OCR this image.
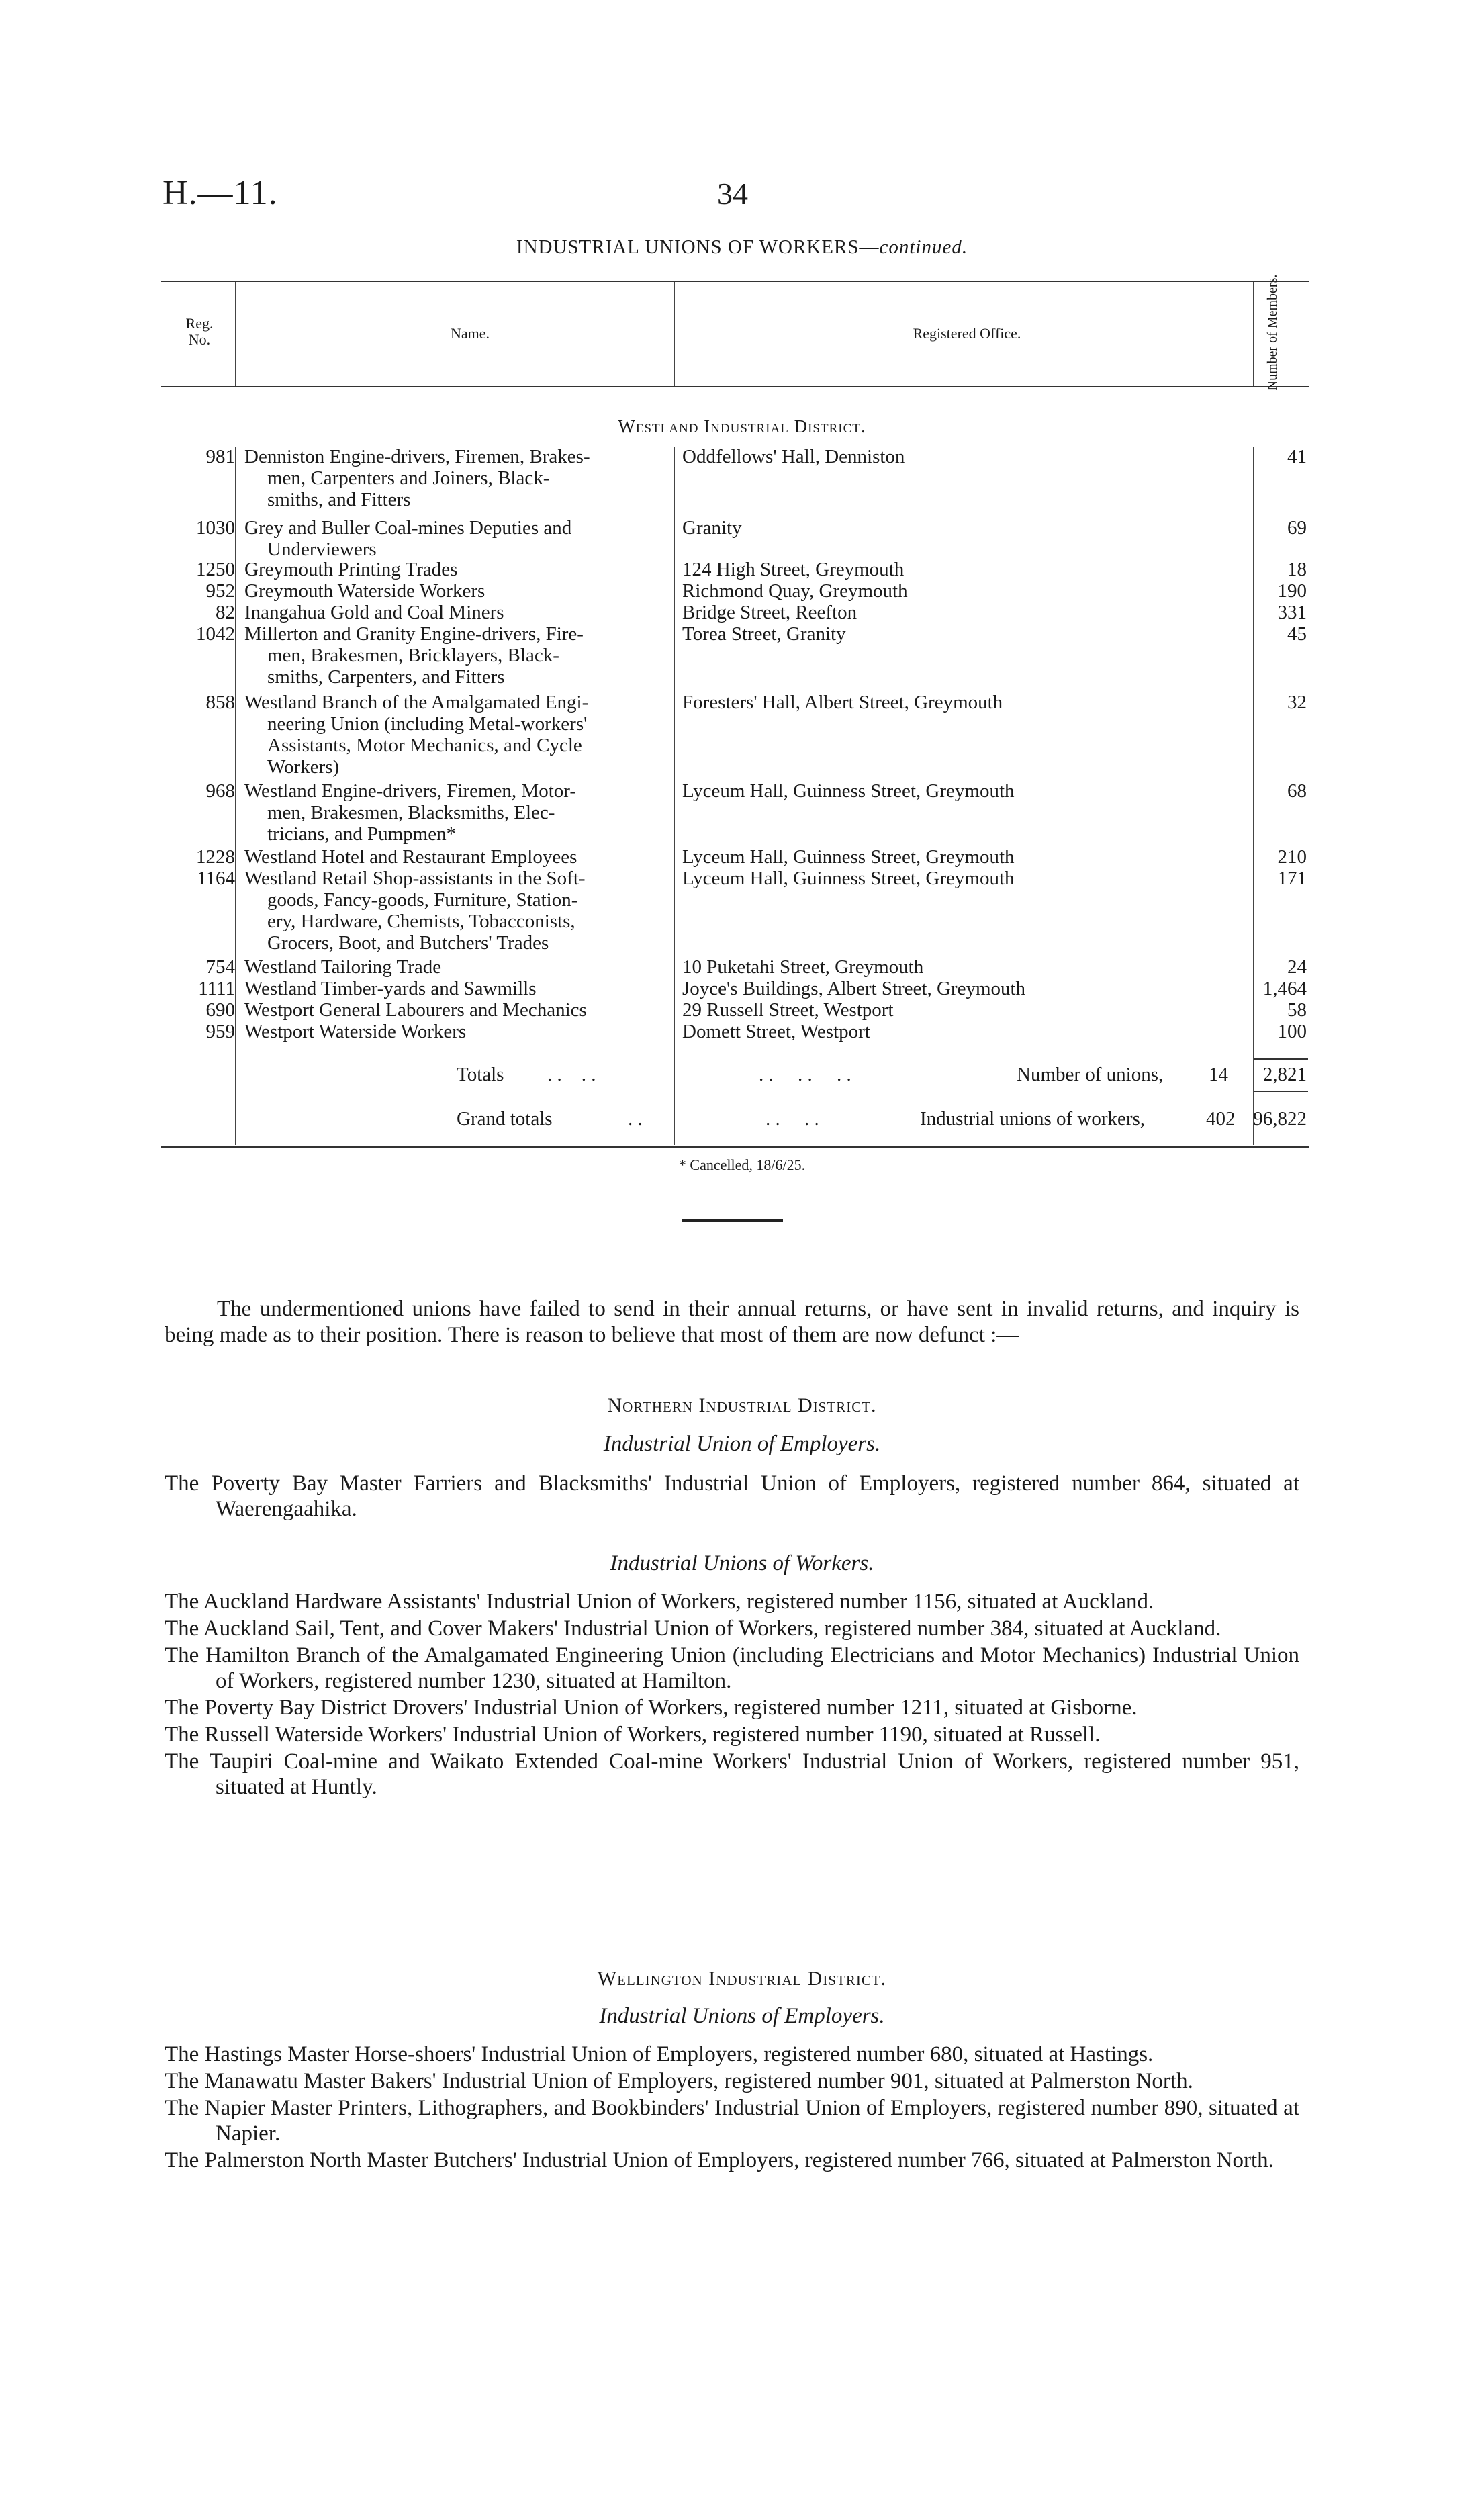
H.—11.	34
INDUSTRIAL UNIONS OF WORKERS—continued.
Reg. No.	Name.	Registered Office.	Number of Members.
Westland Industrial District.
981 Denniston Engine-drivers, Firemen, Brakes-
men, Carpenters and Joiners, Black-
smiths, and Fitters
Oddfellows' Hall, Denniston	41
1030 Grey and Buller Coal-mines Deputies and
Underviewers
Granity	69
1250 Greymouth Printing Trades	124 High Street, Greymouth	18
952 Greymouth Waterside Workers	Richmond Quay, Greymouth	190
82 Inangahua Gold and Coal Miners	Bridge Street, Reefton	331
1042 Millerton and Granity Engine-drivers, Fire-
men, Brakesmen, Bricklayers, Black-
smiths, Carpenters, and Fitters
Torea Street, Granity	45
858 Westland Branch of the Amalgamated Engi-
neering Union (including Metal-workers'
Assistants, Motor Mechanics, and Cycle
Workers)
Foresters' Hall, Albert Street, Greymouth	32
968 Westland Engine-drivers, Firemen, Motor-
men, Brakesmen, Blacksmiths, Elec-
tricians, and Pumpmen*
Lyceum Hall, Guinness Street, Greymouth	68
1228 Westland Hotel and Restaurant Employees	Lyceum Hall, Guinness Street, Greymouth	210
1164 Westland Retail Shop-assistants in the Soft-
goods, Fancy-goods, Furniture, Station-
ery, Hardware, Chemists, Tobacconists,
Grocers, Boot, and Butchers' Trades
Lyceum Hall, Guinness Street, Greymouth	171
754 Westland Tailoring Trade	10 Puketahi Street, Greymouth	24
1111 Westland Timber-yards and Sawmills	Joyce's Buildings, Albert Street, Greymouth	1,464
690 Westport General Labourers and Mechanics	29 Russell Street, Westport	58
959 Westport Waterside Workers	Domett Street, Westport	100
Totals . .    . .	. .     . .     . .	Number of unions, 14	2,821
Grand totals	. .	. .     . .	Industrial unions of workers,	402 96,822
* Cancelled, 18/6/25.

The undermentioned unions have failed to send in their annual returns, or have sent in invalid returns, and inquiry is being made as to their position. There is reason to believe that most of them are now defunct :—

Northern Industrial District.
Industrial Union of Employers.
The Poverty Bay Master Farriers and Blacksmiths' Industrial Union of Employers, registered number 864, situated at Waerengaahika.
Industrial Unions of Workers.
The Auckland Hardware Assistants' Industrial Union of Workers, registered number 1156, situated at Auckland.
The Auckland Sail, Tent, and Cover Makers' Industrial Union of Workers, registered number 384, situated at Auckland.
The Hamilton Branch of the Amalgamated Engineering Union (including Electricians and Motor Mechanics) Industrial Union of Workers, registered number 1230, situated at Hamilton.
The Poverty Bay District Drovers' Industrial Union of Workers, registered number 1211, situated at Gisborne.
The Russell Waterside Workers' Industrial Union of Workers, registered number 1190, situated at Russell.
The Taupiri Coal-mine and Waikato Extended Coal-mine Workers' Industrial Union of Workers, registered number 951, situated at Huntly.
Wellington Industrial District.
Industrial Unions of Employers.
The Hastings Master Horse-shoers' Industrial Union of Employers, registered number 680, situated at Hastings.
The Manawatu Master Bakers' Industrial Union of Employers, registered number 901, situated at Palmerston North.
The Napier Master Printers, Lithographers, and Bookbinders' Industrial Union of Employers, registered number 890, situated at Napier.
The Palmerston North Master Butchers' Industrial Union of Employers, registered number 766, situated at Palmerston North.
